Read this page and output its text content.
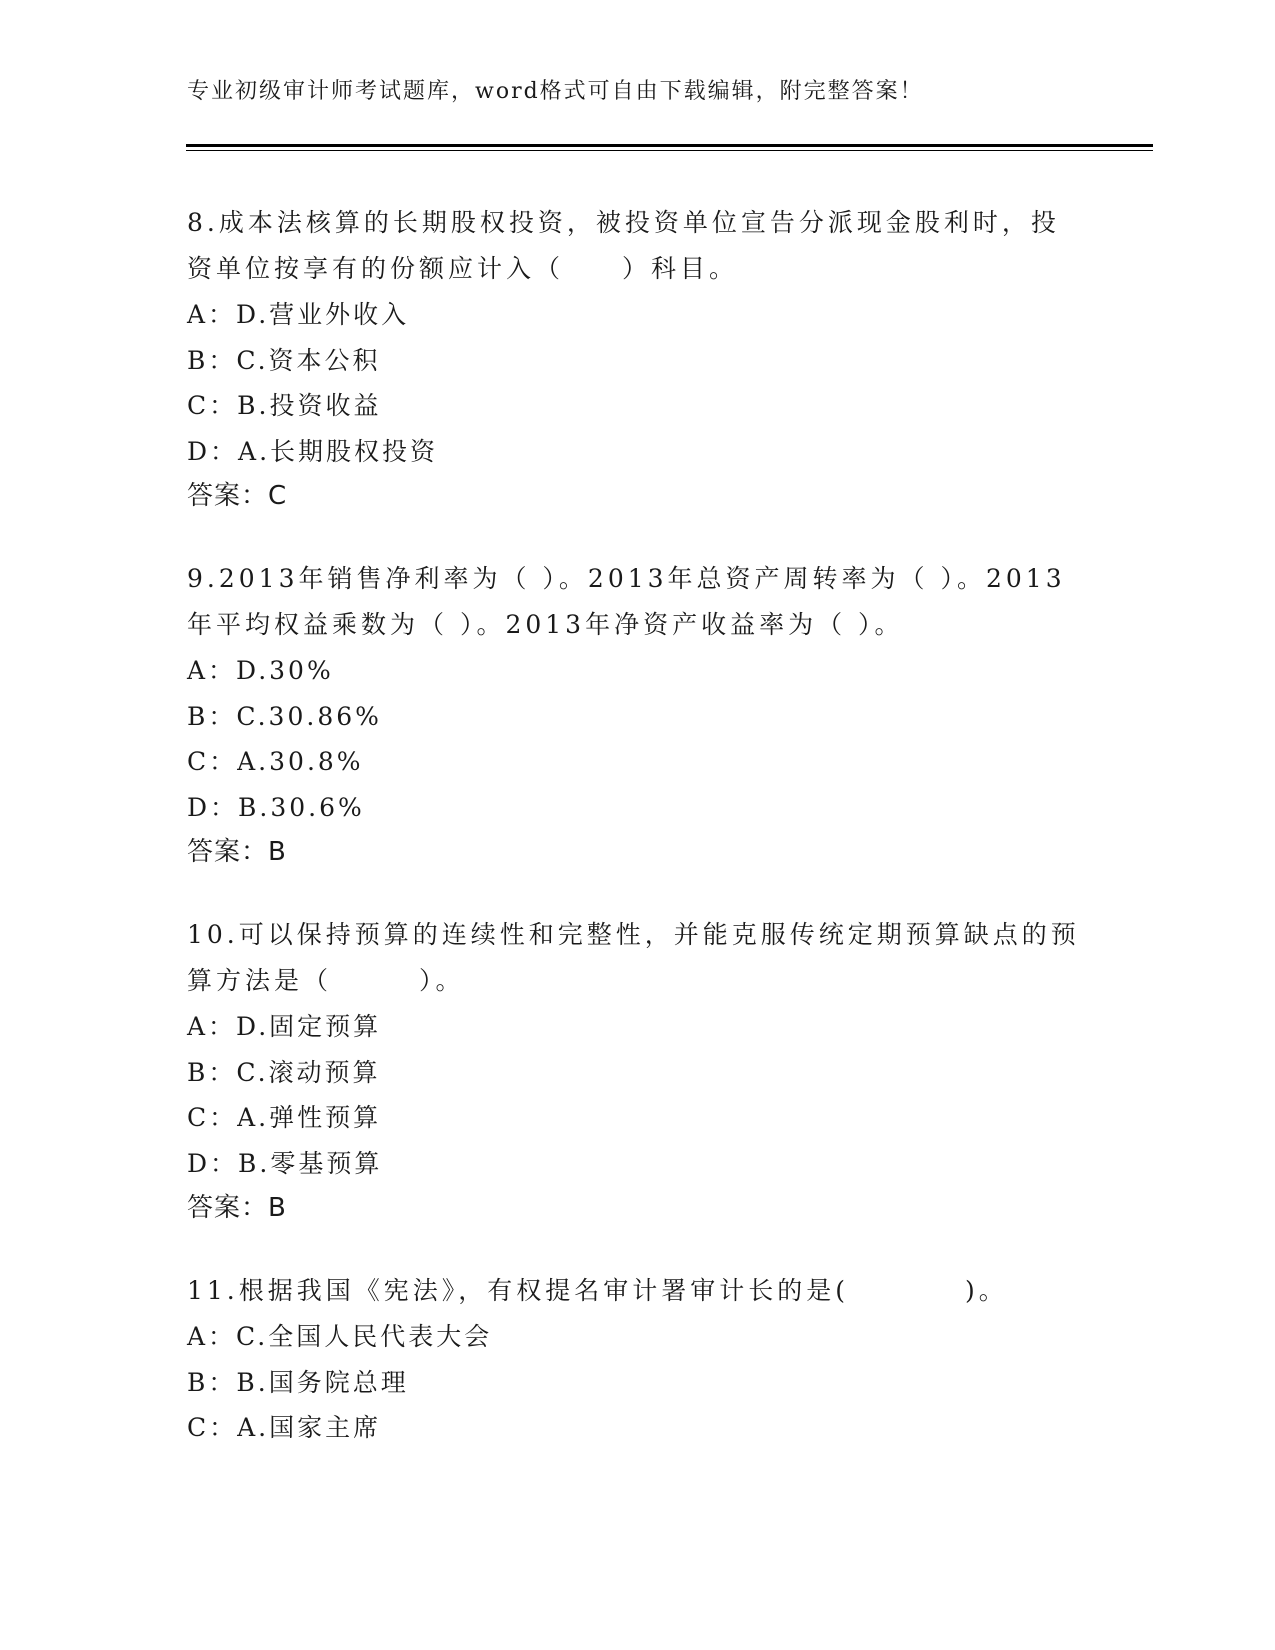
专业初级审计师考试题库，word格式可自由下载编辑，附完整答案！

8.成本法核算的长期股权投资，被投资单位宣告分派现金股利时，投资单位按享有的份额应计入（　　）科目。

A：D.营业外收入
B：C.资本公积
C：B.投资收益
D：A.长期股权投资
答案：C

9.2013年销售净利率为（ ）。2013年总资产周转率为（ ）。2013年平均权益乘数为（ ）。2013年净资产收益率为（ ）。

A：D.30%
B：C.30.86%
C：A.30.8%
D：B.30.6%
答案：B

10.可以保持预算的连续性和完整性，并能克服传统定期预算缺点的预算方法是（　　　）。

A：D.固定预算
B：C.滚动预算
C：A.弹性预算
D：B.零基预算
答案：B

11.根据我国《宪法》，有权提名审计署审计长的是(　　　　)。

A：C.全国人民代表大会
B：B.国务院总理
C：A.国家主席
